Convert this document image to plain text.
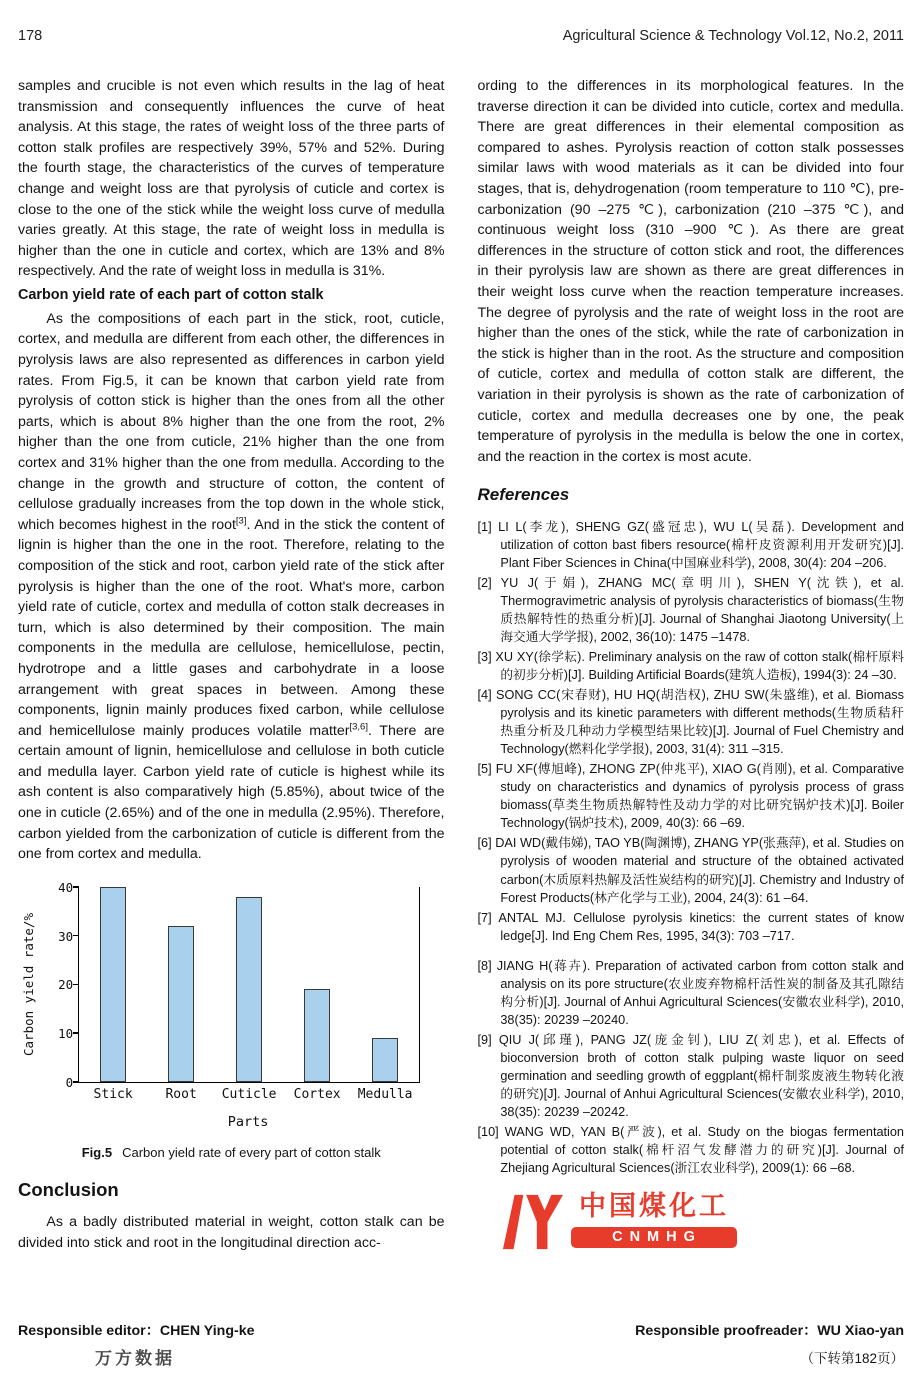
178	Agricultural Science & Technology Vol.12, No.2, 2011

samples and crucible is not even which results in the lag of heat transmission and consequently influences the curve of heat analysis. At this stage, the rates of weight loss of the three parts of cotton stalk profiles are respectively 39%, 57% and 52%. During the fourth stage, the characteristics of the curves of temperature change and weight loss are that pyrolysis of cuticle and cortex is close to the one of the stick while the weight loss curve of medulla varies greatly. At this stage, the rate of weight loss in medulla is higher than the one in cuticle and cortex, which are 13% and 8% respectively. And the rate of weight loss in medulla is 31%.

Carbon yield rate of each part of cotton stalk

As the compositions of each part in the stick, root, cuticle, cortex, and medulla are different from each other, the differences in pyrolysis laws are also represented as differences in carbon yield rates. From Fig.5, it can be known that carbon yield rate from pyrolysis of cotton stick is higher than the ones from all the other parts, which is about 8% higher than the one from the root, 2% higher than the one from cuticle, 21% higher than the one from cortex and 31% higher than the one from medulla. According to the change in the growth and structure of cotton, the content of cellulose gradually increases from the top down in the whole stick, which becomes highest in the root[3]. And in the stick the content of lignin is higher than the one in the root. Therefore, relating to the composition of the stick and root, carbon yield rate of the stick after pyrolysis is higher than the one of the root. What's more, carbon yield rate of cuticle, cortex and medulla of cotton stalk decreases in turn, which is also determined by their composition. The main components in the medulla are cellulose, hemicellulose, pectin, hydrotrope and a little gases and carbohydrate in a loose arrangement with great spaces in between. Among these components, lignin mainly produces fixed carbon, while cellulose and hemicellulose mainly produces volatile matter[3,6]. There are certain amount of lignin, hemicellulose and cellulose in both cuticle and medulla layer. Carbon yield rate of cuticle is highest while its ash content is also comparatively high (5.85%), about twice of the one in cuticle (2.65%) and of the one in medulla (2.95%). Therefore, carbon yielded from the carbonization of cuticle is different from the one from cortex and medulla.

Carbon yield rate/%
Stick	Root	Cuticle	Cortex	Medulla
0
10
20
30
40
Parts
Fig.5 Carbon yield rate of every part of cotton stalk
Conclusion

As a badly distributed material in weight, cotton stalk can be divided into stick and root in the longitudinal direction acc-

ording to the differences in its morphological features. In the traverse direction it can be divided into cuticle, cortex and medulla. There are great differences in their elemental composition as compared to ashes. Pyrolysis reaction of cotton stalk possesses similar laws with wood materials as it can be divided into four stages, that is, dehydrogenation (room temperature to 110 ℃), pre-carbonization (90 –275 ℃), carbonization (210 –375 ℃), and continuous weight loss (310 –900 ℃). As there are great differences in the structure of cotton stick and root, the differences in their pyrolysis law are shown as there are great differences in their weight loss curve when the reaction temperature increases. The degree of pyrolysis and the rate of weight loss in the root are higher than the ones of the stick, while the rate of carbonization in the stick is higher than in the root. As the structure and composition of cuticle, cortex and medulla of cotton stalk are different, the variation in their pyrolysis is shown as the rate of carbonization of cuticle, cortex and medulla decreases one by one, the peak temperature of pyrolysis in the medulla is below the one in cortex, and the reaction in the cortex is most acute.

References
[1] LI L(李龙), SHENG GZ(盛冠忠), WU L(吴磊). Development and utilization of cotton bast fibers resource(棉杆皮资源利用开发研究)[J]. Plant Fiber Sciences in China(中国麻业科学), 2008, 30(4): 204 –206.
[2] YU J(于娟), ZHANG MC(章明川), SHEN Y(沈铁), et al. Thermogravimetric analysis of pyrolysis characteristics of biomass(生物质热解特性的热重分析)[J]. Journal of Shanghai Jiaotong University(上海交通大学学报), 2002, 36(10): 1475 –1478.
[3] XU XY(徐学耘). Preliminary analysis on the raw of cotton stalk(棉杆原料的初步分析)[J]. Building Artificial Boards(建筑人造板), 1994(3): 24 –30.
[4] SONG CC(宋春财), HU HQ(胡浩权), ZHU SW(朱盛维), et al. Biomass pyrolysis and its kinetic parameters with different methods(生物质秸秆热重分析及几种动力学模型结果比较)[J]. Journal of Fuel Chemistry and Technology(燃料化学学报), 2003, 31(4): 311 –315.
[5] FU XF(傅旭峰), ZHONG ZP(仲兆平), XIAO G(肖刚), et al. Comparative study on characteristics and dynamics of pyrolysis process of grass biomass(草类生物质热解特性及动力学的对比研究锅炉技术)[J]. Boiler Technology(锅炉技术), 2009, 40(3): 66 –69.
[6] DAI WD(戴伟娣), TAO YB(陶渊博), ZHANG YP(张燕萍), et al. Studies on pyrolysis of wooden material and structure of the obtained activated carbon(木质原料热解及活性炭结构的研究)[J]. Chemistry and Industry of Forest Products(林产化学与工业), 2004, 24(3): 61 –64.
[7] ANTAL MJ. Cellulose pyrolysis kinetics: the current states of know ledge[J]. Ind Eng Chem Res, 1995, 34(3): 703 –717.
[8] JIANG H(蒋卉). Preparation of activated carbon from cotton stalk and analysis on its pore structure(农业废弃物棉杆活性炭的制备及其孔隙结构分析)[J]. Journal of Anhui Agricultural Sciences(安徽农业科学), 2010, 38(35): 20239 –20240.
[9] QIU J(邱瑾), PANG JZ(庞金钊), LIU Z(刘忠), et al. Effects of bioconversion broth of cotton stalk pulping waste liquor on seed germination and seedling growth of eggplant(棉杆制浆废液生物转化液的研究)[J]. Journal of Anhui Agricultural Sciences(安徽农业科学), 2010, 38(35): 20239 –20242.
[10] WANG WD, YAN B(严波), et al. Study on the biogas fermentation potential of cotton stalk(棉杆沼气发酵潜力的研究)[J]. Journal of Zhejiang Agricultural Sciences(浙江农业科学), 2009(1): 66 –68.
中国煤化工
CNMHG
Responsible editor：CHEN Ying-ke	Responsible proofreader：WU Xiao-yan
（下转第182页）
万方数据
